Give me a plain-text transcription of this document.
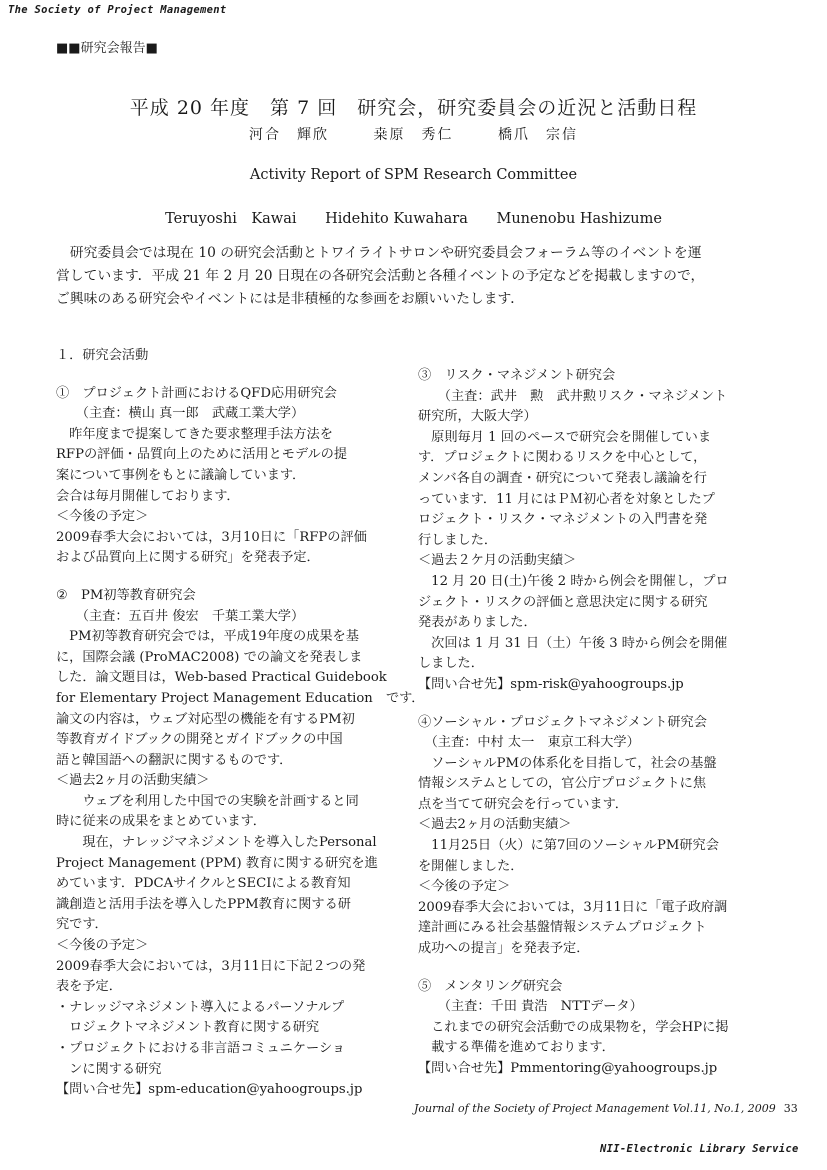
The Society of Project Management
■■研究会報告■
平成 20 年度　第 7 回　研究会，研究委員会の近況と活動日程
河合　輝欣	桒原　秀仁	橋爪　宗信
Activity Report of SPM Research Committee
Teruyoshi　Kawai Hidehito Kuwahara Munenobu Hashizume
　研究委員会では現在 10 の研究会活動とトワイライトサロンや研究委員会フォーラム等のイベントを運
営しています．平成 21 年 2 月 20 日現在の各研究会活動と各種イベントの予定などを掲載しますので，
ご興味のある研究会やイベントには是非積極的な参画をお願いいたします．

１．研究会活動

①　プロジェクト計画におけるQFD応用研究会

　　（主査：横山 真一郎　武蔵工業大学）

　昨年度まで提案してきた要求整理手法方法を

RFPの評価・品質向上のために活用とモデルの提

案について事例をもとに議論しています．

会合は毎月開催しております．

＜今後の予定＞

2009春季大会においては，3月10日に「RFPの評価

および品質向上に関する研究」を発表予定．

②　PM初等教育研究会

　　（主査：五百井 俊宏　千葉工業大学）

　PM初等教育研究会では，平成19年度の成果を基

に，国際会議 (ProMAC2008) での論文を発表しま

した．論文題目は，Web-based Practical Guidebook

for Elementary Project Management Education　です．

論文の内容は，ウェブ対応型の機能を有するPM初

等教育ガイドブックの開発とガイドブックの中国

語と韓国語への翻訳に関するものです．

＜過去2ヶ月の活動実績＞

　　ウェブを利用した中国での実験を計画すると同

時に従来の成果をまとめています．

　　現在，ナレッジマネジメントを導入したPersonal

Project Management (PPM) 教育に関する研究を進

めています．PDCAサイクルとSECIによる教育知

識創造と活用手法を導入したPPM教育に関する研

究です．

＜今後の予定＞

2009春季大会においては，3月11日に下記２つの発

表を予定．

・ナレッジマネジメント導入によるパーソナルプ

　ロジェクトマネジメント教育に関する研究

・プロジェクトにおける非言語コミュニケーショ

　ンに関する研究

【問い合せ先】spm-education@yahoogroups.jp

③　リスク・マネジメント研究会

　　（主査：武井　勲　武井勲リスク・マネジメント

研究所，大阪大学）

　原則毎月 1 回のペースで研究会を開催していま

す．プロジェクトに関わるリスクを中心として，

メンバ各自の調査・研究について発表し議論を行

っています．11 月にはＰＭ初心者を対象としたプ

ロジェクト・リスク・マネジメントの入門書を発

行しました．

＜過去２ケ月の活動実績＞

　12 月 20 日(土)午後 2 時から例会を開催し，プロ

ジェクト・リスクの評価と意思決定に関する研究

発表がありました．

　次回は 1 月 31 日（土）午後 3 時から例会を開催

しました．

【問い合せ先】spm-risk@yahoogroups.jp

④ソーシャル・プロジェクトマネジメント研究会

　（主査：中村 太一　東京工科大学）

　ソーシャルPMの体系化を目指して，社会の基盤

情報システムとしての，官公庁プロジェクトに焦

点を当てて研究会を行っています．

＜過去2ヶ月の活動実績＞

　11月25日（火）に第7回のソーシャルPM研究会

を開催しました．

＜今後の予定＞

2009春季大会においては，3月11日に「電子政府調

達計画にみる社会基盤情報システムプロジェクト

成功への提言」を発表予定．

⑤　メンタリング研究会

　　（主査：千田 貴浩　NTTデータ）

　これまでの研究会活動での成果物を，学会HPに掲

　載する準備を進めております．

【問い合せ先】Pmmentoring@yahoogroups.jp

Journal of the Society of Project Management Vol.11, No.1, 2009 33
NII-Electronic Library Service
